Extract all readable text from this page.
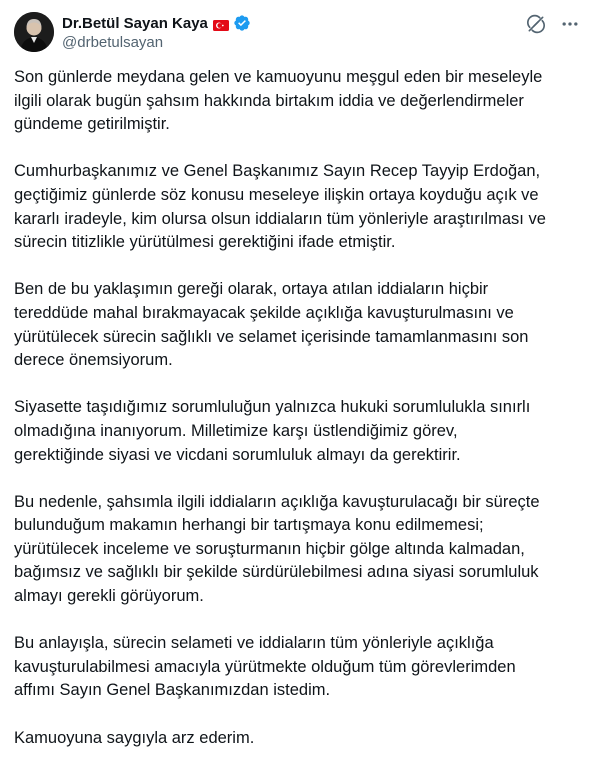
Dr.Betül Sayan Kaya
@drbetulsayan

Son günlerde meydana gelen ve kamuoyunu meşgul eden bir meseleyle
ilgili olarak bugün şahsım hakkında birtakım iddia ve değerlendirmeler
gündeme getirilmiştir.

Cumhurbaşkanımız ve Genel Başkanımız Sayın Recep Tayyip Erdoğan,
geçtiğimiz günlerde söz konusu meseleye ilişkin ortaya koyduğu açık ve
kararlı iradeyle, kim olursa olsun iddiaların tüm yönleriyle araştırılması ve
sürecin titizlikle yürütülmesi gerektiğini ifade etmiştir.

Ben de bu yaklaşımın gereği olarak, ortaya atılan iddiaların hiçbir
tereddüde mahal bırakmayacak şekilde açıklığa kavuşturulmasını ve
yürütülecek sürecin sağlıklı ve selamet içerisinde tamamlanmasını son
derece önemsiyorum.

Siyasette taşıdığımız sorumluluğun yalnızca hukuki sorumlulukla sınırlı
olmadığına inanıyorum. Milletimize karşı üstlendiğimiz görev,
gerektiğinde siyasi ve vicdani sorumluluk almayı da gerektirir.

Bu nedenle, şahsımla ilgili iddiaların açıklığa kavuşturulacağı bir süreçte
bulunduğum makamın herhangi bir tartışmaya konu edilmemesi;
yürütülecek inceleme ve soruşturmanın hiçbir gölge altında kalmadan,
bağımsız ve sağlıklı bir şekilde sürdürülebilmesi adına siyasi sorumluluk
almayı gerekli görüyorum.

Bu anlayışla, sürecin selameti ve iddiaların tüm yönleriyle açıklığa
kavuşturulabilmesi amacıyla yürütmekte olduğum tüm görevlerimden
affımı Sayın Genel Başkanımızdan istedim.

Kamuoyuna saygıyla arz ederim.
